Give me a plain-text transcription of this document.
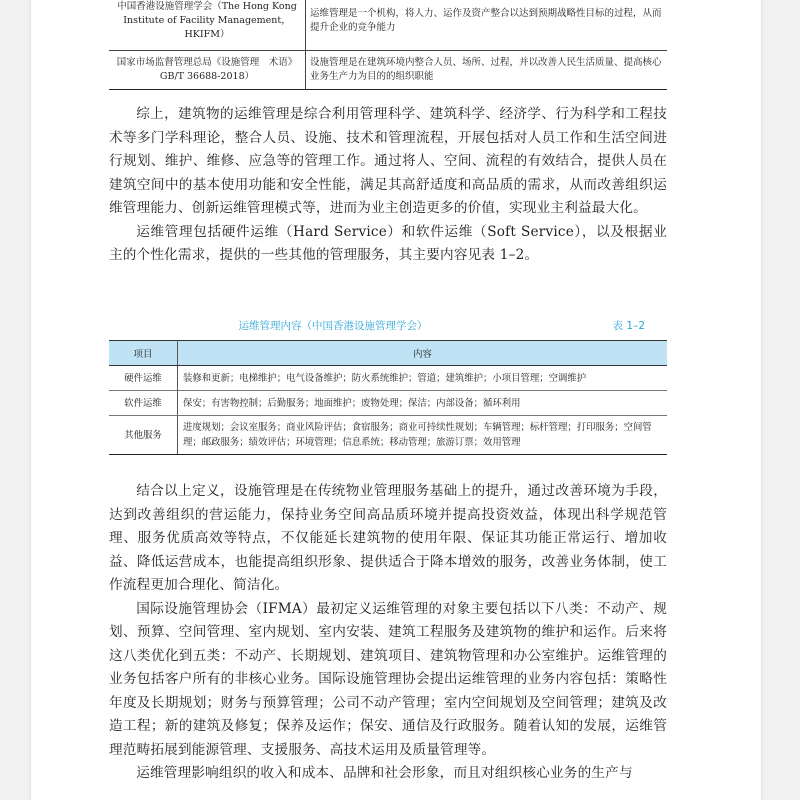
中国香港设施管理学会（The Hong Kong Institute of Facility Management，HKIFM）	运维管理是一个机构，将人力、运作及资产整合以达到预期战略性目标的过程，从而提升企业的竞争能力
国家市场监督管理总局《设施管理　术语》GB/T 36688-2018）	设施管理是在建筑环境内整合人员、场所、过程，并以改善人民生活质量、提高核心业务生产力为目的的组织职能

综上，建筑物的运维管理是综合利用管理科学、建筑科学、经济学、行为科学和工程技术等多门学科理论，整合人员、设施、技术和管理流程，开展包括对人员工作和生活空间进行规划、维护、维修、应急等的管理工作。通过将人、空间、流程的有效结合，提供人员在建筑空间中的基本使用功能和安全性能，满足其高舒适度和高品质的需求，从而改善组织运维管理能力、创新运维管理模式等，进而为业主创造更多的价值，实现业主利益最大化。

运维管理包括硬件运维（Hard Service）和软件运维（Soft Service），以及根据业主的个性化需求，提供的一些其他的管理服务，其主要内容见表 1–2。

运维管理内容（中国香港设施管理学会）	表 1–2
项目	内容
硬件运维	装修和更新；电梯维护；电气设备维护；防火系统维护；管道；建筑维护；小项目管理；空调维护
软件运维	保安；有害物控制；后勤服务；地面维护；废物处理；保洁；内部设备；循环利用
其他服务	进度规划；会议室服务；商业风险评估；食宿服务；商业可持续性规划；车辆管理；标杆管理；打印服务；空间管理；邮政服务；绩效评估；环境管理；信息系统；移动管理；旅游订票；效用管理

结合以上定义，设施管理是在传统物业管理服务基础上的提升，通过改善环境为手段，达到改善组织的营运能力，保持业务空间高品质环境并提高投资效益，体现出科学规范管理、服务优质高效等特点，不仅能延长建筑物的使用年限、保证其功能正常运行、增加收益、降低运营成本，也能提高组织形象、提供适合于降本增效的服务，改善业务体制，使工作流程更加合理化、简洁化。

国际设施管理协会（IFMA）最初定义运维管理的对象主要包括以下八类：不动产、规划、预算、空间管理、室内规划、室内安装、建筑工程服务及建筑物的维护和运作。后来将这八类优化到五类：不动产、长期规划、建筑项目、建筑物管理和办公室维护。运维管理的业务包括客户所有的非核心业务。国际设施管理协会提出运维管理的业务内容包括：策略性年度及长期规划；财务与预算管理；公司不动产管理；室内空间规划及空间管理；建筑及改造工程；新的建筑及修复；保养及运作；保安、通信及行政服务。随着认知的发展，运维管理范畴拓展到能源管理、支援服务、高技术运用及质量管理等。

运维管理影响组织的收入和成本、品牌和社会形象，而且对组织核心业务的生产与
